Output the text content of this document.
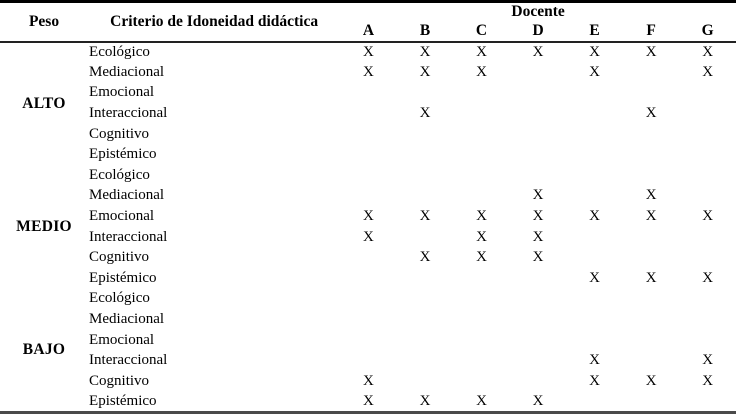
Peso	Criterio de Idoneidad didáctica	Docente						
		A	B	C	D	E	F	G
ALTO	Ecológico	X	X	X	X	X	X	X
	Mediacional	X	X	X		X		X
	Emocional							
	Interaccional		X				X	
	Cognitivo							
	Epistémico							
MEDIO	Ecológico							
	Mediacional				X		X	
	Emocional	X	X	X	X	X	X	X
	Interaccional	X		X	X			
	Cognitivo		X	X	X			
	Epistémico					X	X	X
BAJO	Ecológico							
	Mediacional							
	Emocional							
	Interaccional					X		X
	Cognitivo	X				X	X	X
	Epistémico	X	X	X	X			
